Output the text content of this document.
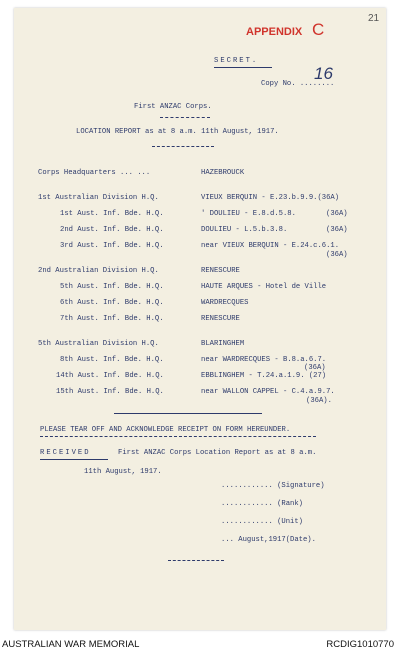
APPENDIX C
21
16
SECRET.
Copy No. ........
First ANZAC Corps.
LOCATION REPORT as at 8 a.m. 11th August, 1917.
Corps Headquarters ... ...	HAZEBROUCK
1st Australian Division H.Q.	VIEUX BERQUIN - E.23.b.9.9.(36A)
1st Aust. Inf. Bde. H.Q.	' DOULIEU - E.8.d.5.8.	(36A)
2nd Aust. Inf. Bde. H.Q.	DOULIEU - L.5.b.3.8.	(36A)
3rd Aust. Inf. Bde. H.Q.	near VIEUX BERQUIN - E.24.c.6.1.
(36A)
2nd Australian Division H.Q.	RENESCURE
5th Aust. Inf. Bde. H.Q.	HAUTE ARQUES - Hotel de Ville
6th Aust. Inf. Bde. H.Q.	WARDRECQUES
7th Aust. Inf. Bde. H.Q.	RENESCURE
5th Australian Division H.Q.	BLARINGHEM
8th Aust. Inf. Bde. H.Q.	near WARDRECQUES - B.8.a.6.7.
(36A)
14th Aust. Inf. Bde. H.Q.	EBBLINGHEM - T.24.a.1.9. (27)
15th Aust. Inf. Bde. H.Q.	near WALLON CAPPEL - C.4.a.9.7.
(36A).
PLEASE TEAR OFF AND ACKNOWLEDGE RECEIPT ON FORM HEREUNDER.
RECEIVED	First ANZAC Corps Location Report as at 8 a.m.
11th August, 1917.
............ (Signature)
............ (Rank)
............ (Unit)
... August,1917(Date).
AUSTRALIAN WAR MEMORIAL	RCDIG1010770
